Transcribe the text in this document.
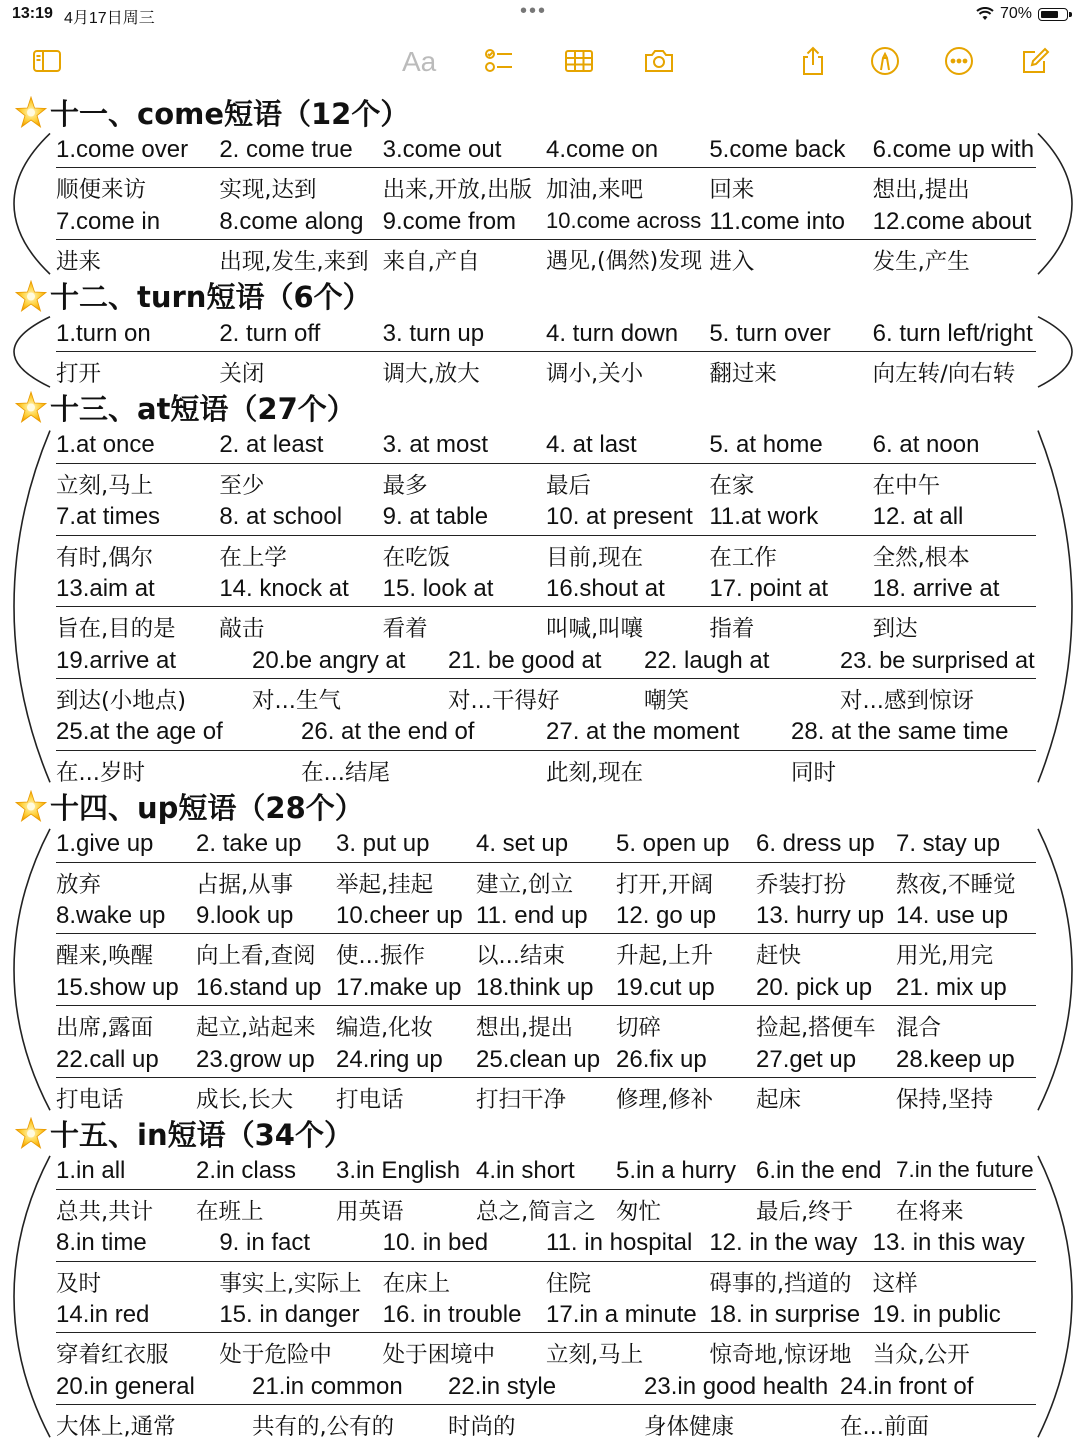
13:19 4月17日周三	•••	70%
Aa
十一、come短语（12个）
1.come over 2. come true 3.come out 4.come on 5.come back 6.come up with
顺便来访	实现,达到	出来,开放,出版 加油,来吧	回来	想出,提出
7.come in 8.come along 9.come from 10.come across 11.come into 12.come about
进来	出现,发生,来到 来自,产自	遇见,(偶然)发现 进入	发生,产生
十二、turn短语（6个）
1.turn on	2. turn off	3. turn up	4. turn down 5. turn over 6. turn left/right
打开	关闭	调大,放大	调小,关小	翻过来	向左转/向右转
十三、at短语（27个）
1.at once	2. at least 3. at most 4. at last	5. at home 6. at noon
立刻,马上	至少	最多	最后	在家	在中午
7.at times 8. at school 9. at table 10. at present 11.at work 12. at all
有时,偶尔	在上学	在吃饭	目前,现在	在工作	全然,根本
13.aim at	14. knock at 15. look at 16.shout at 17. point at 18. arrive at
旨在,目的是 敲击	看着	叫喊,叫嚷	指着	到达
19.arrive at	20.be angry at 21. be good at 22. laugh at	23. be surprised at
到达(小地点)	对...生气	对...干得好	嘲笑	对...感到惊讶
25.at the age of	26. at the end of	27. at the moment 28. at the same time
在...岁时	在...结尾	此刻,现在	同时
十四、up短语（28个）
1.give up 2. take up 3. put up 4. set up 5. open up 6. dress up 7. stay up
放弃	占据,从事 举起,挂起 建立,创立 打开,开阔 乔装打扮 熬夜,不睡觉
8.wake up 9.look up 10.cheer up 11. end up 12. go up 13. hurry up 14. use up
醒来,唤醒 向上看,查阅 使...振作 以...结束 升起,上升 赶快	用光,用完
15.show up 16.stand up 17.make up 18.think up 19.cut up 20. pick up 21. mix up
出席,露面 起立,站起来 编造,化妆 想出,提出 切碎	捡起,搭便车 混合
22.call up 23.grow up 24.ring up 25.clean up 26.fix up 27.get up 28.keep up
打电话	成长,长大 打电话	打扫干净 修理,修补 起床	保持,坚持
十五、in短语（34个）
1.in all	2.in class 3.in English 4.in short 5.in a hurry 6.in the end 7.in the future
总共,共计 在班上	用英语	总之,简言之 匆忙	最后,终于 在将来
8.in time	9. in fact	10. in bed 11. in hospital 12. in the way 13. in this way
及时	事实上,实际上 在床上	住院	碍事的,挡道的 这样
14.in red	15. in danger 16. in trouble 17.in a minute 18. in surprise 19. in public
穿着红衣服 处于危险中 处于困境中 立刻,马上	惊奇地,惊讶地 当众,公开
20.in general 21.in common 22.in style	23.in good health 24.in front of
大体上,通常	共有的,公有的 时尚的	身体健康	在...前面
